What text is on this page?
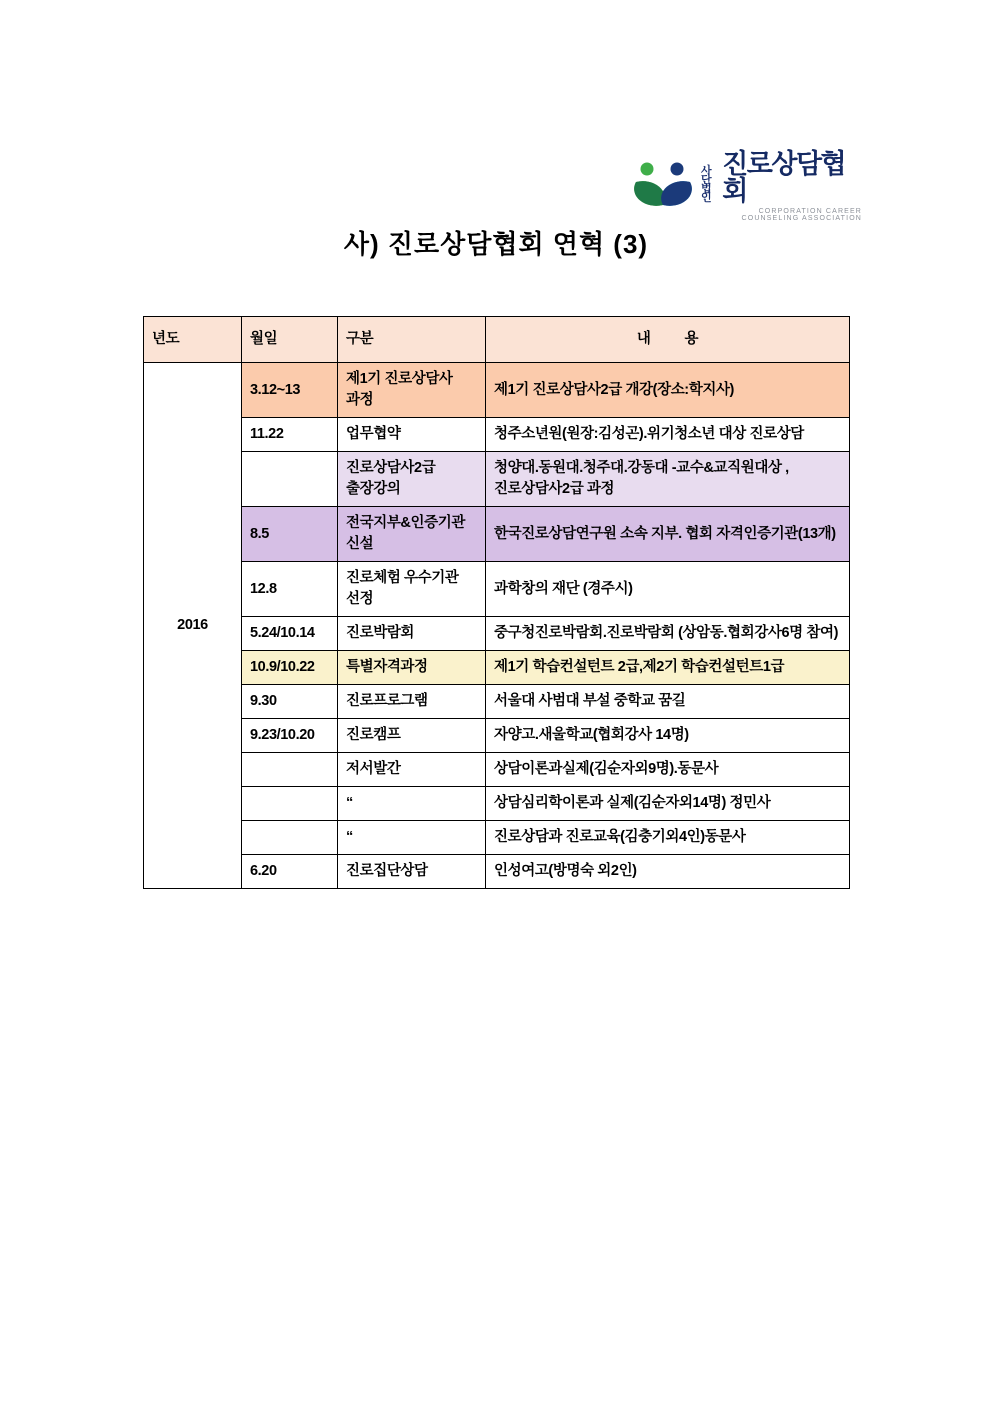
사단
법인
진로상담협회
CORPORATION CAREER COUNSELING ASSOCIATION
사) 진로상담협회 연혁 (3)
년도	월일	구분	내 용
2016	3.12~13	제1기 진로상담사 과정	제1기 진로상담사2급 개강(장소:학지사)
	11.22	업무협약	청주소년원(원장:김성곤).위기청소년 대상 진로상담
		진로상담사2급 출장강의	청양대.동원대.청주대.강동대 -교수&교직원대상 , 진로상담사2급 과정
	8.5	전국지부&인증기관 신설	한국진로상담연구원 소속 지부. 협회 자격인증기관(13개)
	12.8	진로체험 우수기관 선정	과학창의 재단 (경주시)
	5.24/10.14	진로박람회	중구청진로박람회.진로박람회 (상암동.협회강사6명 참여)
	10.9/10.22	특별자격과정	제1기 학습컨설턴트 2급,제2기 학습컨설턴트1급
	9.30	진로프로그램	서울대 사범대 부설 중학교 꿈길
	9.23/10.20	진로캠프	자양고.새울학교(협회강사 14명)
		저서발간	상담이론과실제(김순자외9명).동문사
		“	상담심리학이론과 실제(김순자외14명) 정민사
		“	진로상담과 진로교육(김충기외4인)동문사
	6.20	진로집단상담	인성여고(방명숙 외2인)
